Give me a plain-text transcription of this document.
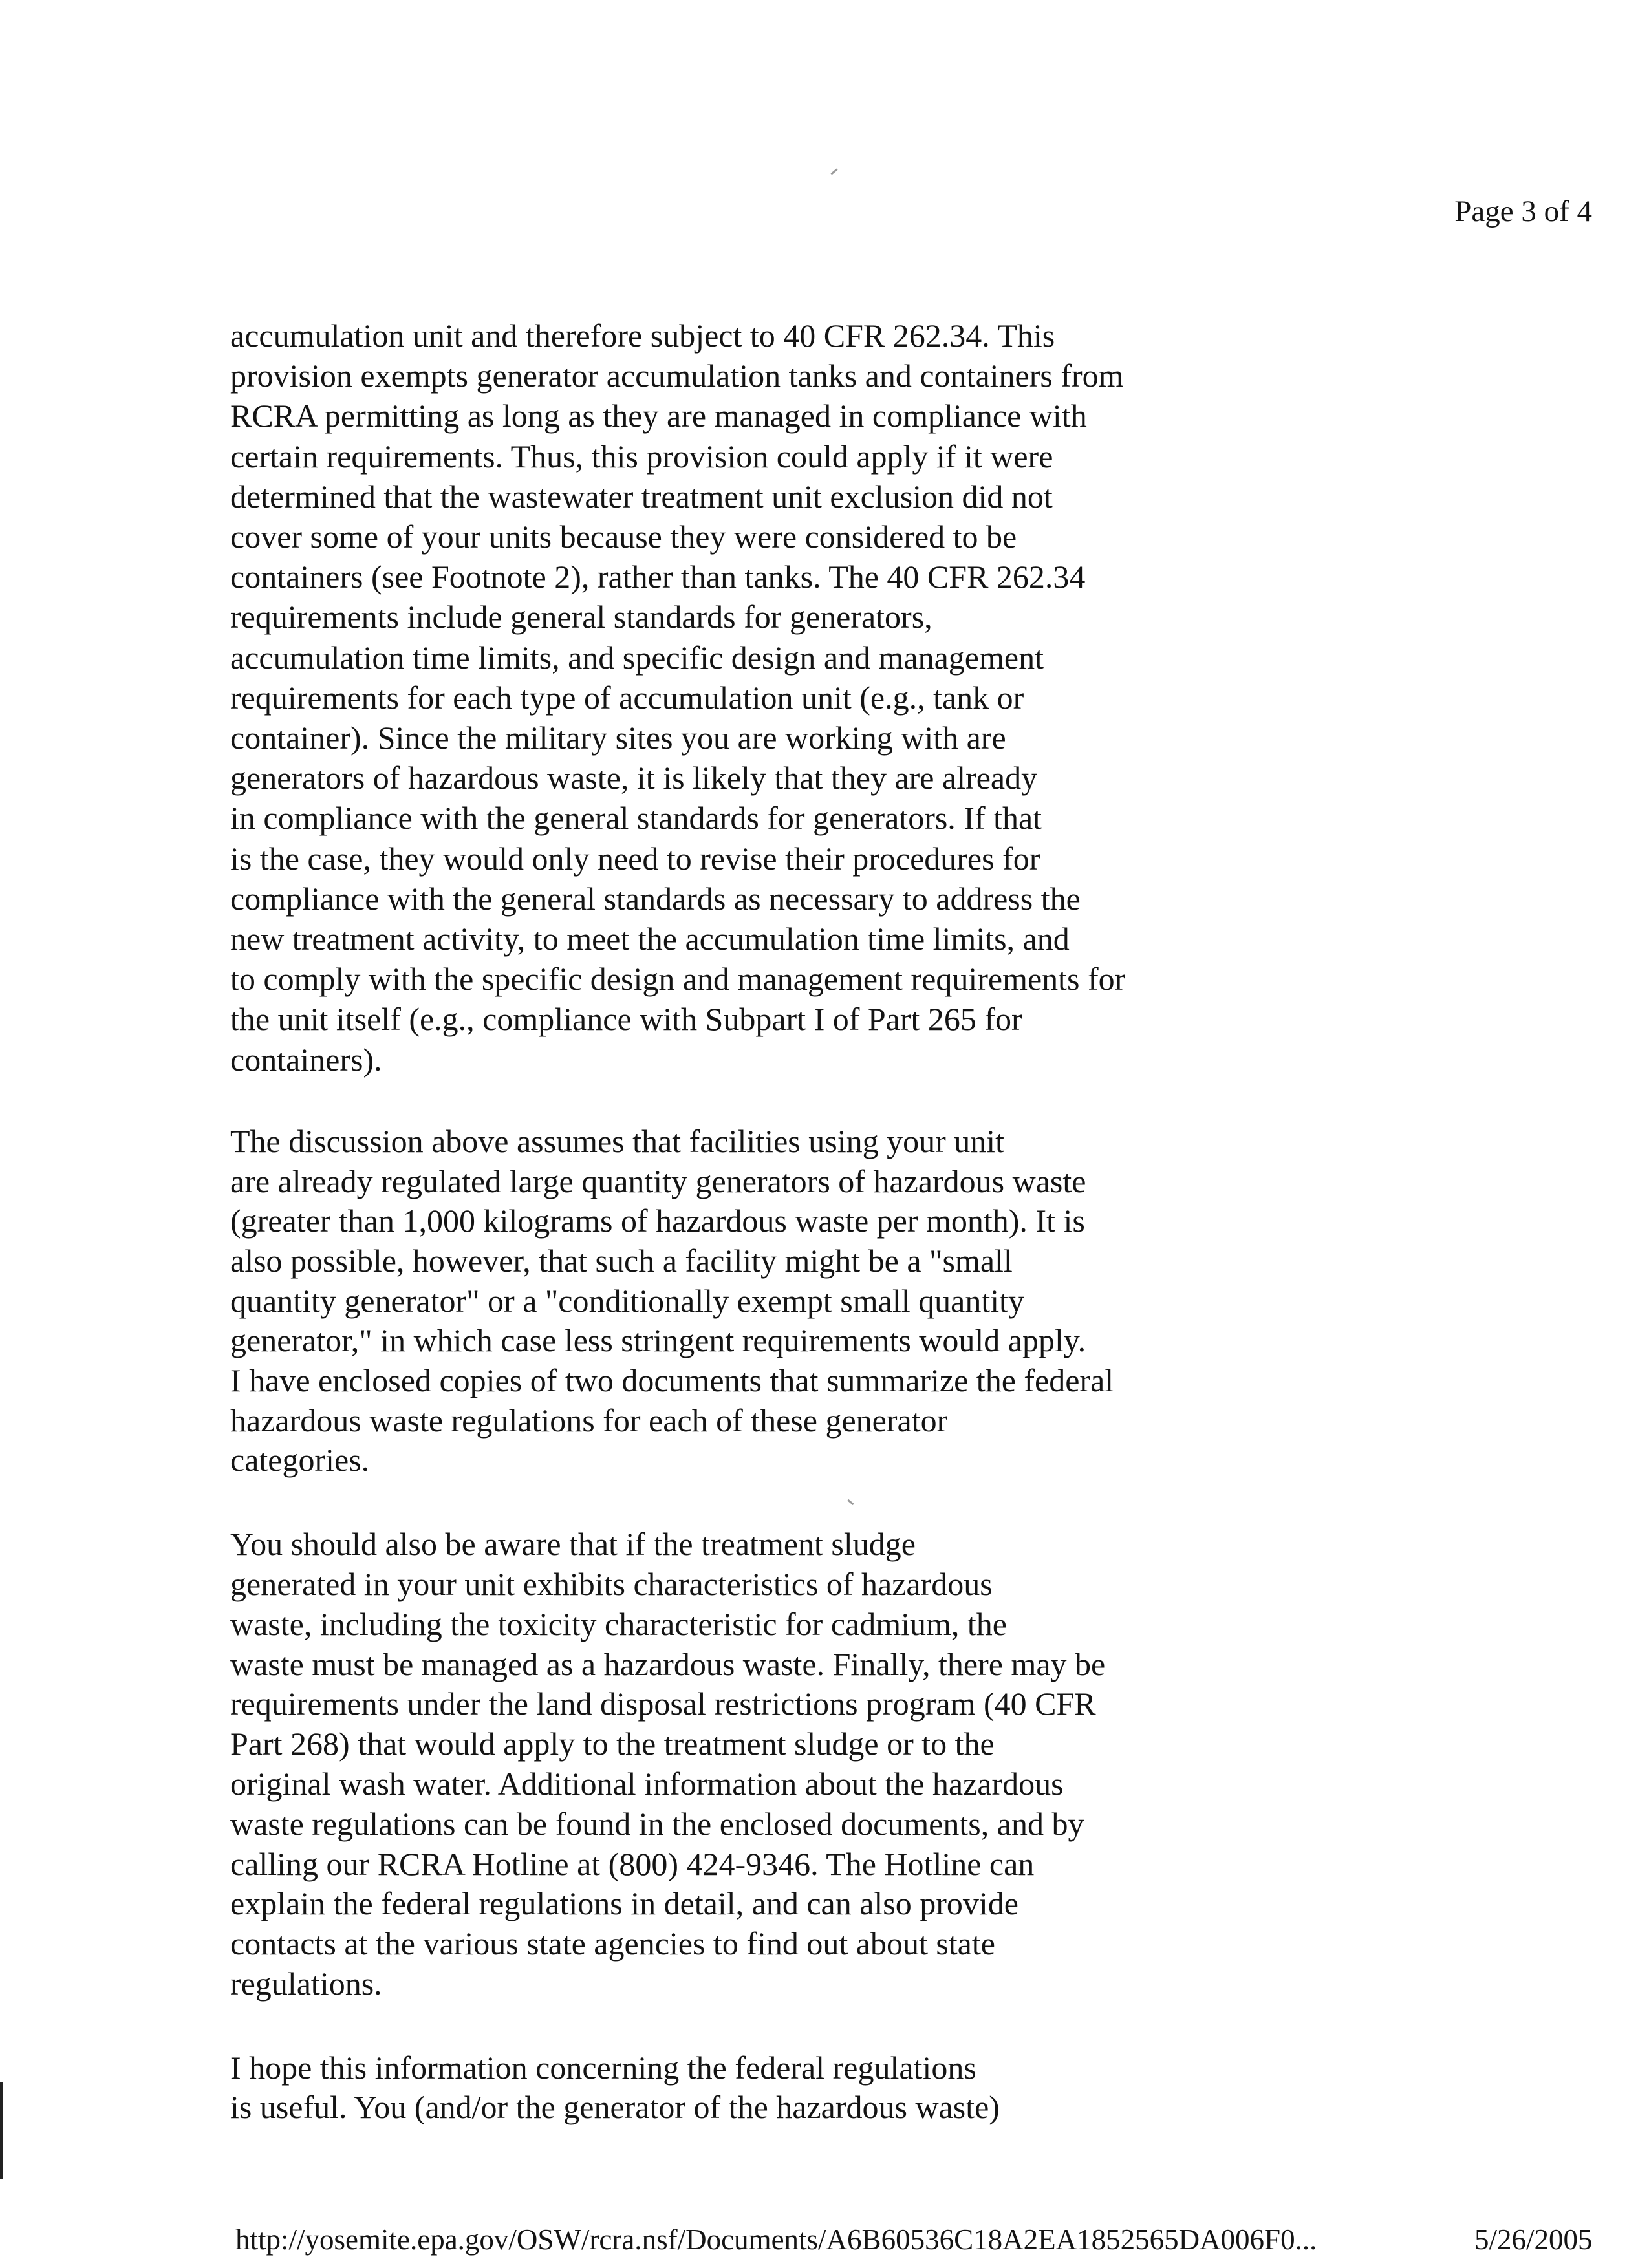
Page 3 of 4

accumulation unit and therefore subject to 40 CFR 262.34. This
provision exempts generator accumulation tanks and containers from
RCRA permitting as long as they are managed in compliance with
certain requirements. Thus, this provision could apply if it were
determined that the wastewater treatment unit exclusion did not
cover some of your units because they were considered to be
containers (see Footnote 2), rather than tanks. The 40 CFR 262.34
requirements include general standards for generators,
accumulation time limits, and specific design and management
requirements for each type of accumulation unit (e.g., tank or
container). Since the military sites you are working with are
generators of hazardous waste, it is likely that they are already
in compliance with the general standards for generators. If that
is the case, they would only need to revise their procedures for
compliance with the general standards as necessary to address the
new treatment activity, to meet the accumulation time limits, and
to comply with the specific design and management requirements for
the unit itself (e.g., compliance with Subpart I of Part 265 for
containers).

The discussion above assumes that facilities using your unit
are already regulated large quantity generators of hazardous waste
(greater than 1,000 kilograms of hazardous waste per month). It is
also possible, however, that such a facility might be a "small
quantity generator" or a "conditionally exempt small quantity
generator," in which case less stringent requirements would apply.
I have enclosed copies of two documents that summarize the federal
hazardous waste regulations for each of these generator
categories.

You should also be aware that if the treatment sludge
generated in your unit exhibits characteristics of hazardous
waste, including the toxicity characteristic for cadmium, the
waste must be managed as a hazardous waste. Finally, there may be
requirements under the land disposal restrictions program (40 CFR
Part 268) that would apply to the treatment sludge or to the
original wash water. Additional information about the hazardous
waste regulations can be found in the enclosed documents, and by
calling our RCRA Hotline at (800) 424-9346. The Hotline can
explain the federal regulations in detail, and can also provide
contacts at the various state agencies to find out about state
regulations.

I hope this information concerning the federal regulations
is useful. You (and/or the generator of the hazardous waste)

http://yosemite.epa.gov/OSW/rcra.nsf/Documents/A6B60536C18A2EA1852565DA006F0...	5/26/2005
